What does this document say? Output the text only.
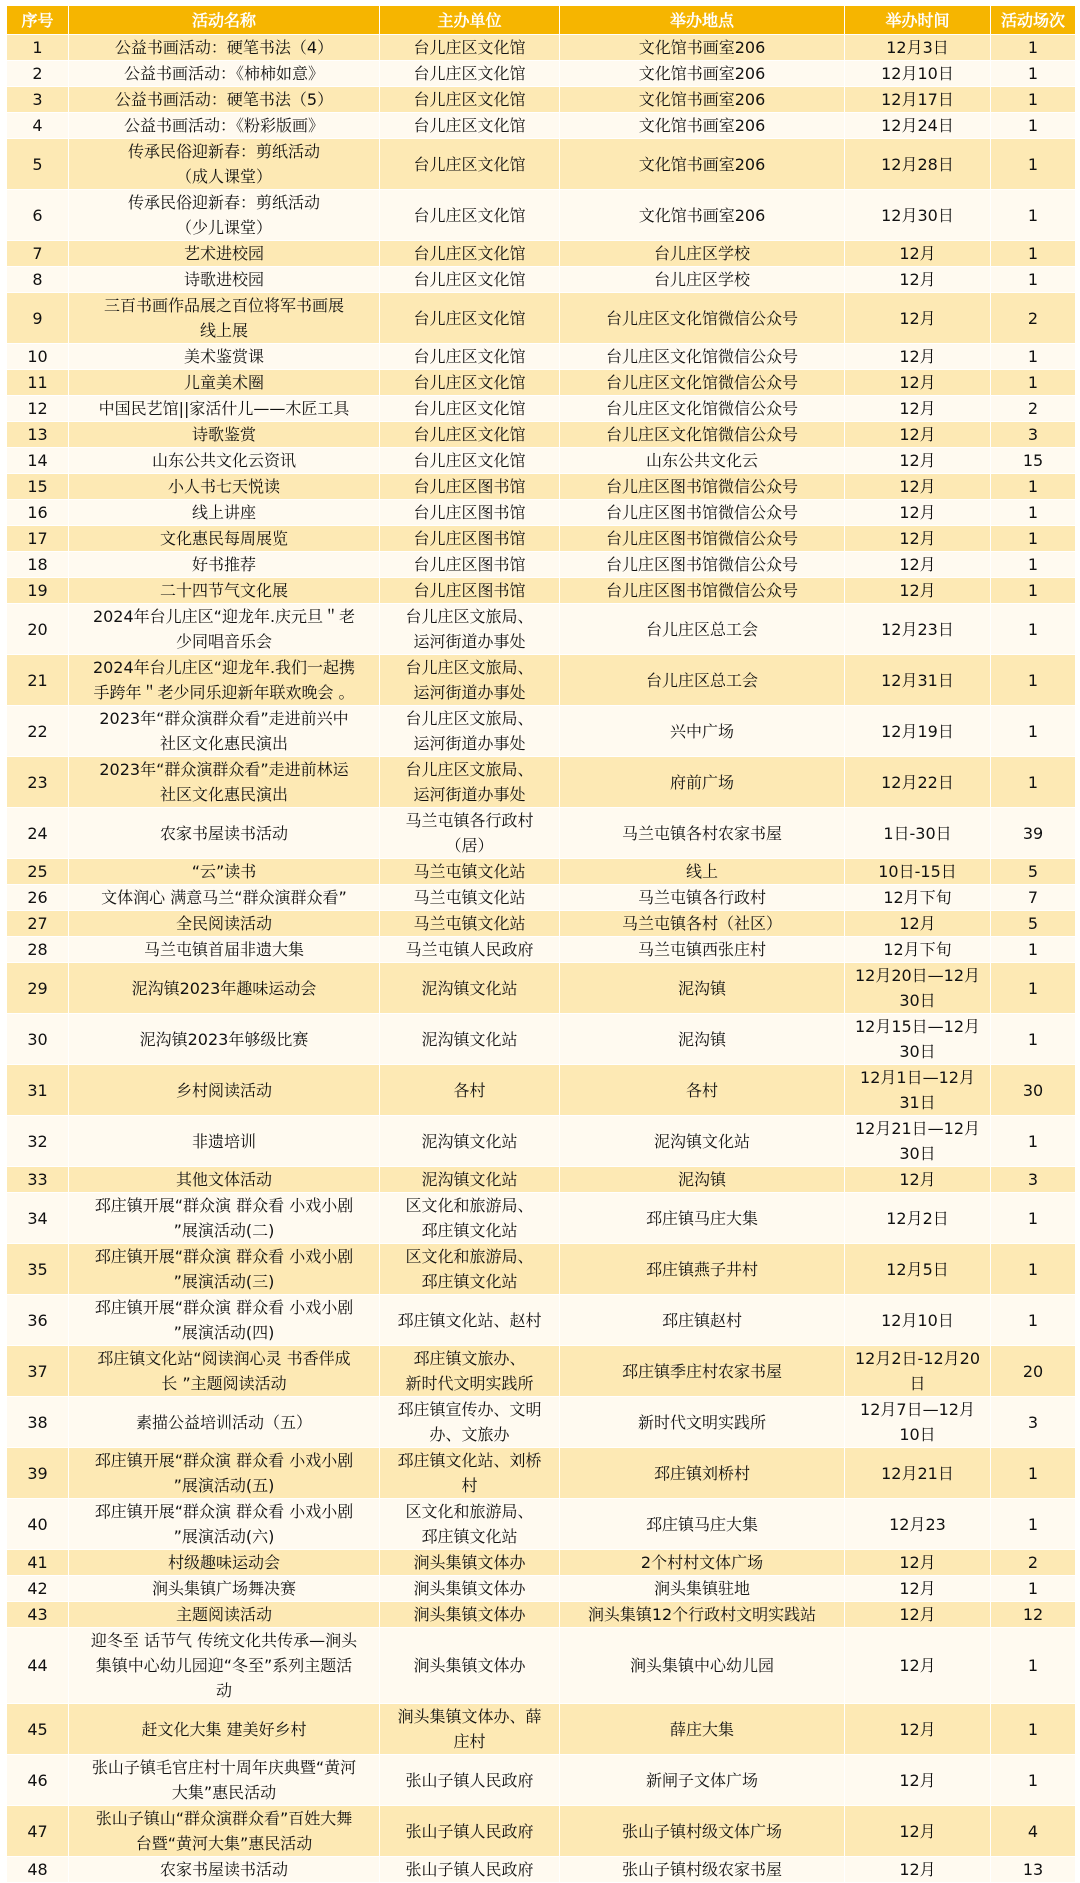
序号	活动名称	主办单位	举办地点	举办时间	活动场次
1	公益书画活动：硬笔书法（4）	台儿庄区文化馆	文化馆书画室206	12月3日	1
2	公益书画活动：《柿柿如意》	台儿庄区文化馆	文化馆书画室206	12月10日	1
3	公益书画活动：硬笔书法（5）	台儿庄区文化馆	文化馆书画室206	12月17日	1
4	公益书画活动：《粉彩版画》	台儿庄区文化馆	文化馆书画室206	12月24日	1
5	传承民俗迎新春：剪纸活动
（成人课堂）	台儿庄区文化馆	文化馆书画室206	12月28日	1
6	传承民俗迎新春：剪纸活动
（少儿课堂）	台儿庄区文化馆	文化馆书画室206	12月30日	1
7	艺术进校园	台儿庄区文化馆	台儿庄区学校	12月	1
8	诗歌进校园	台儿庄区文化馆	台儿庄区学校	12月	1
9	三百书画作品展之百位将军书画展
线上展	台儿庄区文化馆	台儿庄区文化馆微信公众号	12月	2
10	美术鉴赏课	台儿庄区文化馆	台儿庄区文化馆微信公众号	12月	1
11	儿童美术圈	台儿庄区文化馆	台儿庄区文化馆微信公众号	12月	1
12	中国民艺馆||家活什儿——木匠工具	台儿庄区文化馆	台儿庄区文化馆微信公众号	12月	2
13	诗歌鉴赏	台儿庄区文化馆	台儿庄区文化馆微信公众号	12月	3
14	山东公共文化云资讯	台儿庄区文化馆	山东公共文化云	12月	15
15	小人书七天悦读	台儿庄区图书馆	台儿庄区图书馆微信公众号	12月	1
16	线上讲座	台儿庄区图书馆	台儿庄区图书馆微信公众号	12月	1
17	文化惠民每周展览	台儿庄区图书馆	台儿庄区图书馆微信公众号	12月	1
18	好书推荐	台儿庄区图书馆	台儿庄区图书馆微信公众号	12月	1
19	二十四节气文化展	台儿庄区图书馆	台儿庄区图书馆微信公众号	12月	1
20	2024年台儿庄区“迎龙年.庆元旦＂老
少同唱音乐会	台儿庄区文旅局、
运河街道办事处	台儿庄区总工会	12月23日	1
21	2024年台儿庄区“迎龙年.我们一起携
手跨年＂老少同乐迎新年联欢晚会 。	台儿庄区文旅局、
运河街道办事处	台儿庄区总工会	12月31日	1
22	2023年“群众演群众看”走进前兴中
社区文化惠民演出	台儿庄区文旅局、
运河街道办事处	兴中广场	12月19日	1
23	2023年“群众演群众看”走进前林运
社区文化惠民演出	台儿庄区文旅局、
运河街道办事处	府前广场	12月22日	1
24	农家书屋读书活动	马兰屯镇各行政村
（居）	马兰屯镇各村农家书屋	1日-30日	39
25	“云”读书	马兰屯镇文化站	线上	10日-15日	5
26	文体润心 满意马兰“群众演群众看”	马兰屯镇文化站	马兰屯镇各行政村	12月下旬	7
27	全民阅读活动	马兰屯镇文化站	马兰屯镇各村（社区）	12月	5
28	马兰屯镇首届非遗大集	马兰屯镇人民政府	马兰屯镇西张庄村	12月下旬	1
29	泥沟镇2023年趣味运动会	泥沟镇文化站	泥沟镇	12月20日—12月
30日	1
30	泥沟镇2023年够级比赛	泥沟镇文化站	泥沟镇	12月15日—12月
30日	1
31	乡村阅读活动	各村	各村	12月1日—12月
31日	30
32	非遗培训	泥沟镇文化站	泥沟镇文化站	12月21日—12月
30日	1
33	其他文体活动	泥沟镇文化站	泥沟镇	12月	3
34	邳庄镇开展“群众演 群众看 小戏小剧
”展演活动(二)	区文化和旅游局、
邳庄镇文化站	邳庄镇马庄大集	12月2日	1
35	邳庄镇开展“群众演 群众看 小戏小剧
”展演活动(三)	区文化和旅游局、
邳庄镇文化站	邳庄镇燕子井村	12月5日	1
36	邳庄镇开展“群众演 群众看 小戏小剧
”展演活动(四)	邳庄镇文化站、赵村	邳庄镇赵村	12月10日	1
37	邳庄镇文化站“阅读润心灵 书香伴成
长 ”主题阅读活动	邳庄镇文旅办、
新时代文明实践所	邳庄镇季庄村农家书屋	12月2日-12月20
日	20
38	素描公益培训活动（五）	邳庄镇宣传办、文明
办、文旅办	新时代文明实践所	12月7日—12月
10日	3
39	邳庄镇开展“群众演 群众看 小戏小剧
”展演活动(五)	邳庄镇文化站、刘桥
村	邳庄镇刘桥村	12月21日	1
40	邳庄镇开展“群众演 群众看 小戏小剧
”展演活动(六)	区文化和旅游局、
邳庄镇文化站	邳庄镇马庄大集	12月23	1
41	村级趣味运动会	涧头集镇文体办	2个村村文体广场	12月	2
42	涧头集镇广场舞决赛	涧头集镇文体办	涧头集镇驻地	12月	1
43	主题阅读活动	涧头集镇文体办	涧头集镇12个行政村文明实践站	12月	12
44	迎冬至 话节气 传统文化共传承—涧头
集镇中心幼儿园迎“冬至”系列主题活
动	涧头集镇文体办	涧头集镇中心幼儿园	12月	1
45	赶文化大集 建美好乡村	涧头集镇文体办、薛
庄村	薛庄大集	12月	1
46	张山子镇毛官庄村十周年庆典暨“黄河
大集”惠民活动	张山子镇人民政府	新闸子文体广场	12月	1
47	张山子镇山“群众演群众看”百姓大舞
台暨“黄河大集”惠民活动	张山子镇人民政府	张山子镇村级文体广场	12月	4
48	农家书屋读书活动	张山子镇人民政府	张山子镇村级农家书屋	12月	13
